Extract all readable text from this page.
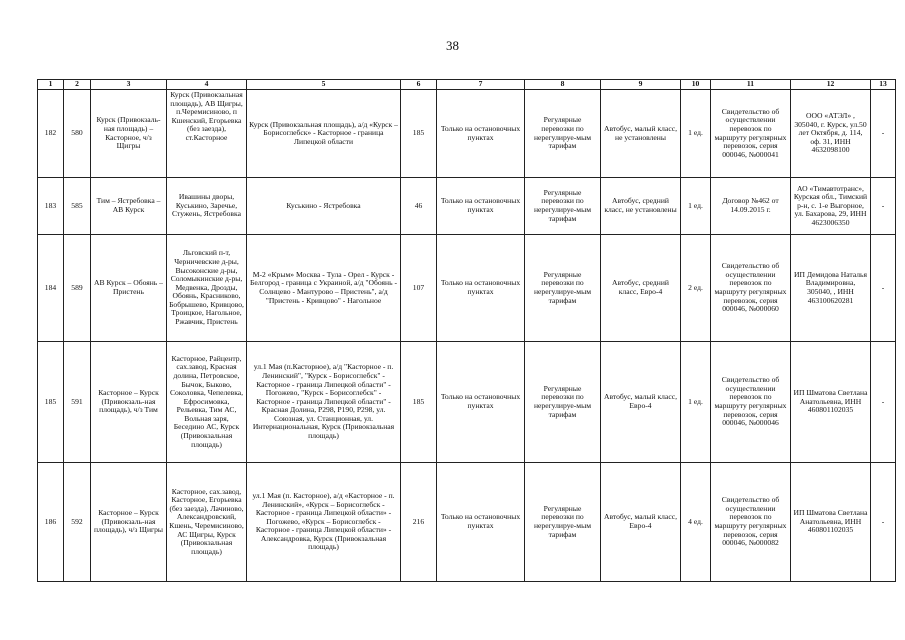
38
1	2	3	4	5	6	7	8	9	10	11	12	13
182	580	Курск (Привокзаль-ная площадь) – Касторное, ч/з Щигры	Курск (Привокзальная площадь), АВ Щигры, п.Черемисиново, п Кшенский, Егорьевка (без заезда), ст.Касторное	Курск (Привокзальная площадь), а/д «Курск – Борисоглебск» - Касторное - граница Липецкой области	185	Только на остановочных пунктах	Регулярные перевозки по нерегулируе-мым тарифам	Автобус, малый класс, не установлены	1 ед.	Свидетельство об осуществлении перевозок по маршруту регулярных перевозок, серия 000046, №000041	ООО «АТЭЛ» , 305040, г. Курск, ул.50 лет Октября, д. 114, оф. 31, ИНН 4632098100	-
183	585	Тим – Ястребовка – АВ Курск	Ивашины дворы, Куськино, Заречье, Стужень, Ястребовка	Куськино - Ястребовка	46	Только на остановочных пунктах	Регулярные перевозки по нерегулируе-мым тарифам	Автобус, средний класс, не установлены	1 ед.	Договор №462 от 14.09.2015 г.	АО «Тимавтотранс», Курская обл., Тимский р-н, с. 1-е Выгорное, ул. Бахарова, 29, ИНН 4623006350	-
184	589	АВ Курск – Обоянь – Пристень	Льговский п-т, Черничевские д-ры, Высоконские д-ры, Соломыкинские д-ры, Медвенка, Дрозды, Обоянь, Красниково, Бобрышево, Кривцово, Троицкое, Нагольное, Ржавчик, Пристень	М-2 «Крым» Москва - Тула - Орел - Курск - Белгород - граница с Украиной, а/д "Обоянь - Солнцево - Мантурово – Пристень", а/д "Пристень - Кривцово" - Нагольное	107	Только на остановочных пунктах	Регулярные перевозки по нерегулируе-мым тарифам	Автобус, средний класс, Евро-4	2 ед.	Свидетельство об осуществлении перевозок по маршруту регулярных перевозок, серия 000046, №000060	ИП Демидова Наталья Владимировна, 305040, , ИНН 463100620281	-
185	591	Касторное – Курск (Привокзаль-ная площадь), ч/з Тим	Касторное, Райцентр, сах.завод, Красная долина, Петровское, Бычок, Быково, Соколовка, Чепелевка, Ефросимовка, Рельевка, Тим АС, Вольная заря, Беседино АС, Курск (Привокзальная площадь)	ул.1 Мая (п.Касторное), а/д "Касторное - п. Ленинский", "Курск - Борисоглебск" - Касторное - граница Липецкой области" - Погожево, "Курск - Борисоглебск" - Касторное - граница Липецкой области" - Красная Долина, Р298, Р190, Р298, ул. Союзная, ул. Станционная, ул. Интернациональная, Курск (Привокзальная площадь)	185	Только на остановочных пунктах	Регулярные перевозки по нерегулируе-мым тарифам	Автобус, малый класс, Евро-4	1 ед.	Свидетельство об осуществлении перевозок по маршруту регулярных перевозок, серия 000046, №000046	ИП Шматова Светлана Анатольевна, ИНН 460801102035	-
186	592	Касторное – Курск (Привокзаль-ная площадь), ч/з Щигры	Касторное, сах.завод, Касторное, Егорьевка (без заезда), Лачиново, Александровский, Кшень, Черемисиново, АС Щигры, Курск (Привокзальная площадь)	ул.1 Мая (п. Касторное), а/д «Касторное - п. Ленинский», «Курск – Борисоглебск - Касторное - граница Липецкой области» - Погожево, «Курск – Борисоглебск - Касторное - граница Липецкой области» - Александровка, Курск (Привокзальная площадь)	216	Только на остановочных пунктах	Регулярные перевозки по нерегулируе-мым тарифам	Автобус, малый класс, Евро-4	4 ед.	Свидетельство об осуществлении перевозок по маршруту регулярных перевозок, серия 000046, №000082	ИП Шматова Светлана Анатольевна, ИНН 460801102035	-
